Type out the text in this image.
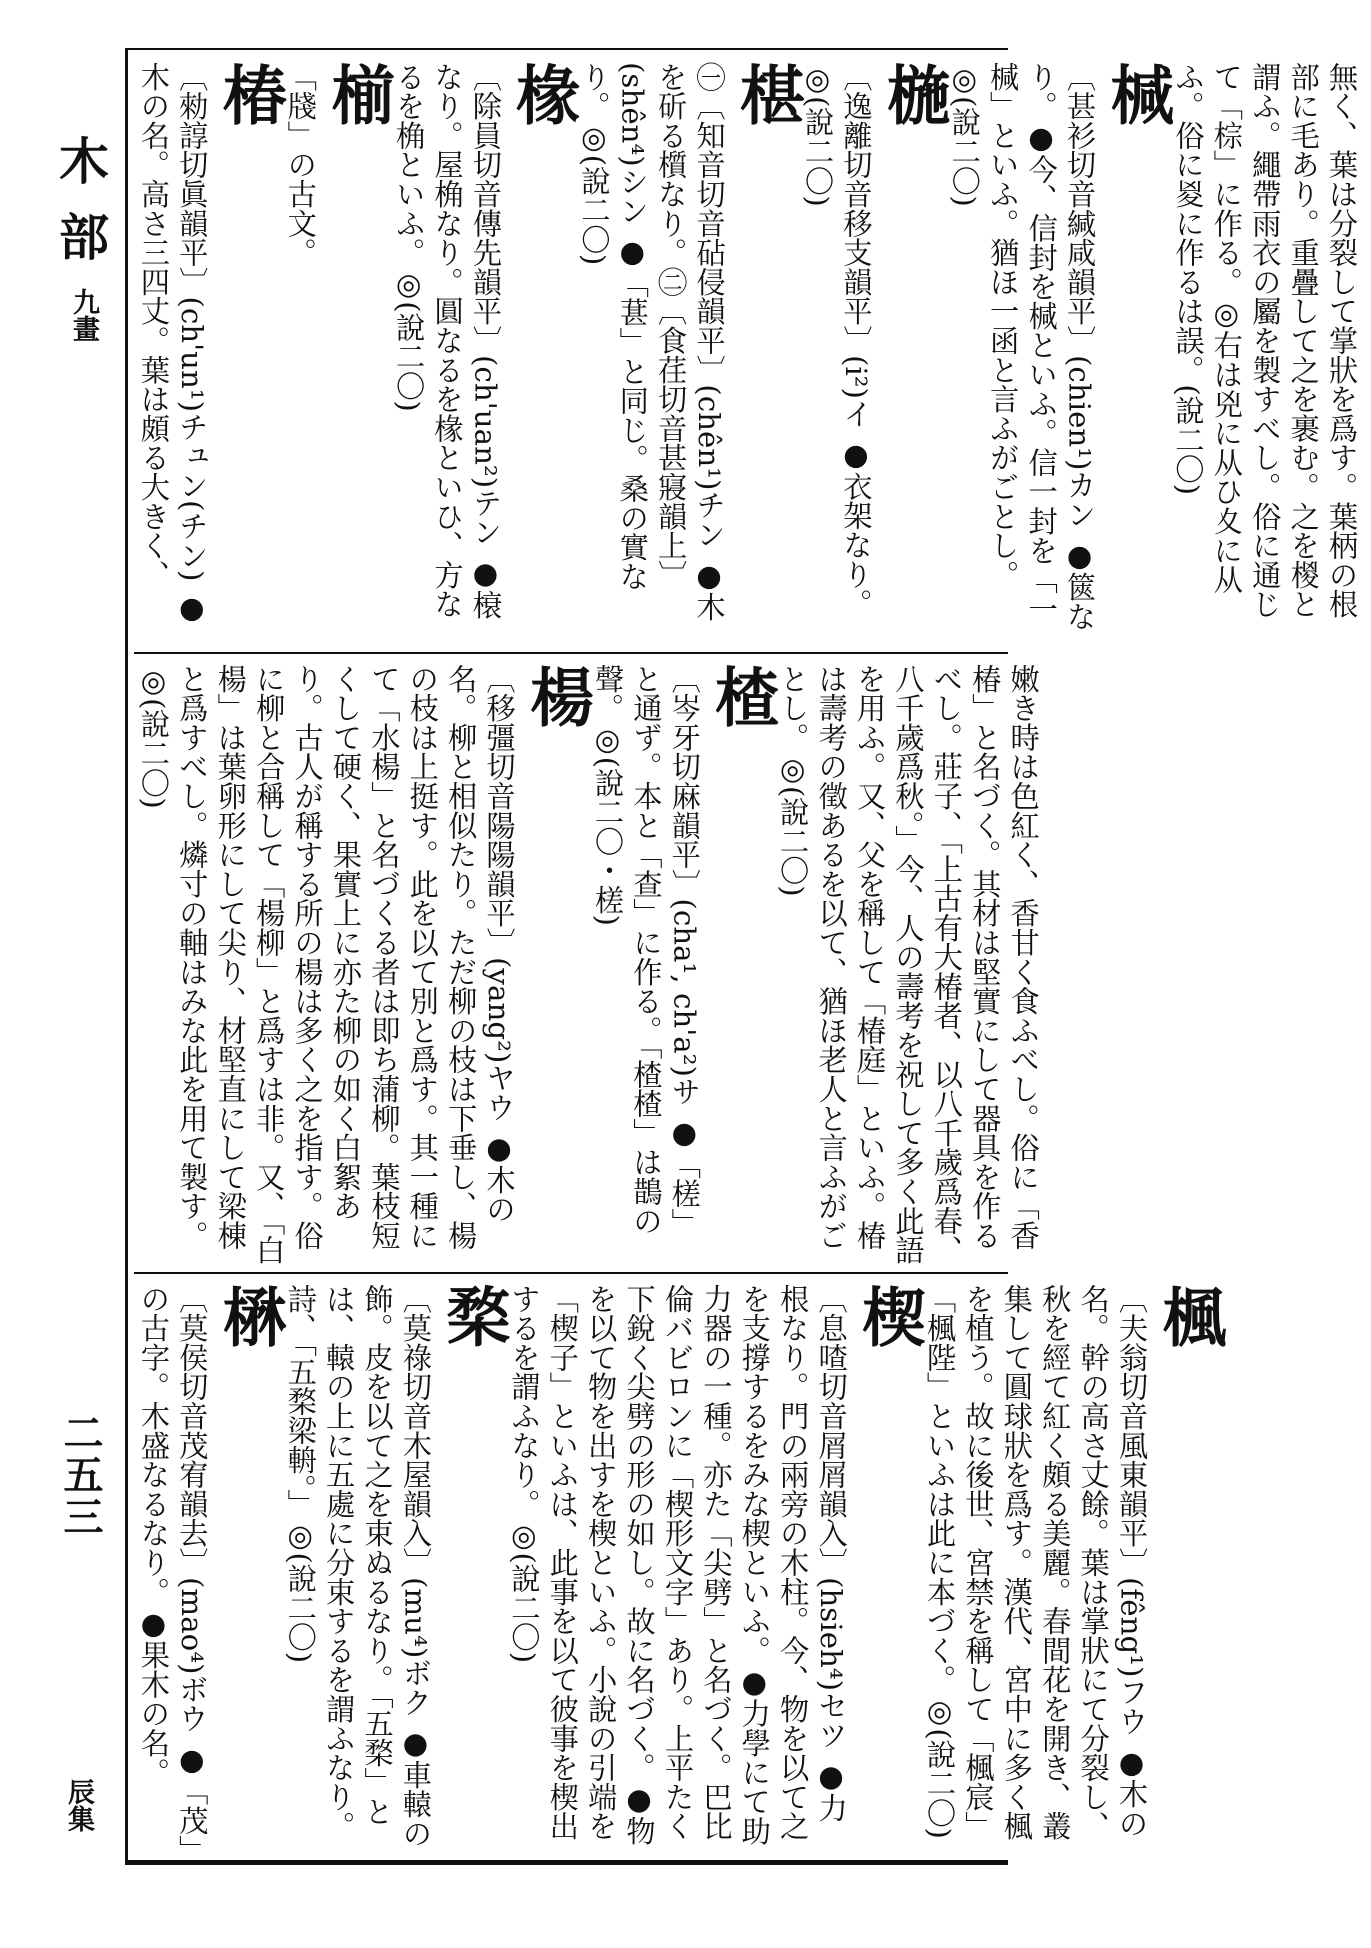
木部
九畫
二五三
辰集
無く、葉は分裂して掌狀を爲す。葉柄の根部に毛あり。重疊して之を裹む。之を椶と謂ふ。繩帶雨衣の屬を製すべし。俗に通じて「棕」に作る。◎右は兇に从ひ夊に从ふ。俗に㚇に作るは誤。(說二〇)
椷
〔甚衫切音緘咸韻平〕(chien¹)カン ●篋なり。●今、信封を椷といふ。信一封を「一椷」といふ。猶ほ一函と言ふがごとし。◎(說二〇)
椸
〔逸離切音移支韻平〕(i²)イ ●衣架なり。◎(說二〇)
椹
㊀〔知音切音砧侵韻平〕(chên¹)チン ●木を斫る櫍なり。㊁〔食荏切音甚寢韻上〕(shên⁴)シン ●「葚」と同じ。桑の實なり。◎(說二〇)
椽
〔除員切音傳先韻平〕(ch'uan²)テン ●榱なり。屋桷なり。圓なるを椽といひ、方なるを桷といふ。◎(說二〇)
椾
「牋」の古文。
椿
〔勑諄切眞韻平〕(ch'un¹)チュン(チン) ●木の名。高さ三四丈。葉は頗る大きく、
嫩き時は色紅く、香甘く食ふべし。俗に「香椿」と名づく。其材は堅實にして器具を作るべし。莊子、「上古有大椿者、以八千歲爲春、八千歲爲秋。」今、人の壽考を祝して多く此語を用ふ。又、父を稱して「椿庭」といふ。椿は壽考の徵あるを以て、猶ほ老人と言ふがごとし。◎(說二〇)
楂
〔岑牙切麻韻平〕(cha¹, ch'a²)サ ●「槎」と通ず。本と「查」に作る。「楂楂」は鵲の聲。◎(說二〇・槎)
楊
〔移彊切音陽陽韻平〕(yang²)ヤウ ●木の名。柳と相似たり。ただ柳の枝は下垂し、楊の枝は上挺す。此を以て別と爲す。其一種にて「水楊」と名づくる者は即ち蒲柳。葉枝短くして硬く、果實上に亦た柳の如く白絮あり。古人が稱する所の楊は多く之を指す。俗に柳と合稱して「楊柳」と爲すは非。又、「白楊」は葉卵形にして尖り、材堅直にして梁棟と爲すべし。燐寸の軸はみな此を用て製す。◎(說二〇)
楓
〔夫翁切音風東韻平〕(fêng¹)フウ ●木の名。幹の高さ丈餘。葉は掌狀にて分裂し、秋を經て紅く頗る美麗。春間花を開き、叢集して圓球狀を爲す。漢代、宮中に多く楓を植う。故に後世、宮禁を稱して「楓宸」「楓陛」といふは此に本づく。◎(說二〇)
楔
〔息喳切音屑屑韻入〕(hsieh⁴)セツ ●力 根なり。門の兩旁の木柱。今、物を以て之を支撐するをみな楔といふ。●力學にて助力器の一種。亦た「尖劈」と名づく。巴比倫バビロンに「楔形文字」あり。上平たく下銳く尖劈の形の如し。故に名づく。●物を以て物を出すを楔といふ。小說の引端を「楔子」といふは、此事を以て彼事を楔出するを謂ふなり。◎(說二〇)
楘
〔莫祿切音木屋韻入〕(mu⁴)ボク ●車轅の飾。皮を以て之を束ぬるなり。「五楘」とは、轅の上に五處に分束するを謂ふなり。詩、「五楘梁輈。」◎(說二〇)
楙
〔莫侯切音茂宥韻去〕(mao⁴)ボウ ●「茂」の古字。木盛なるなり。●果木の名。
